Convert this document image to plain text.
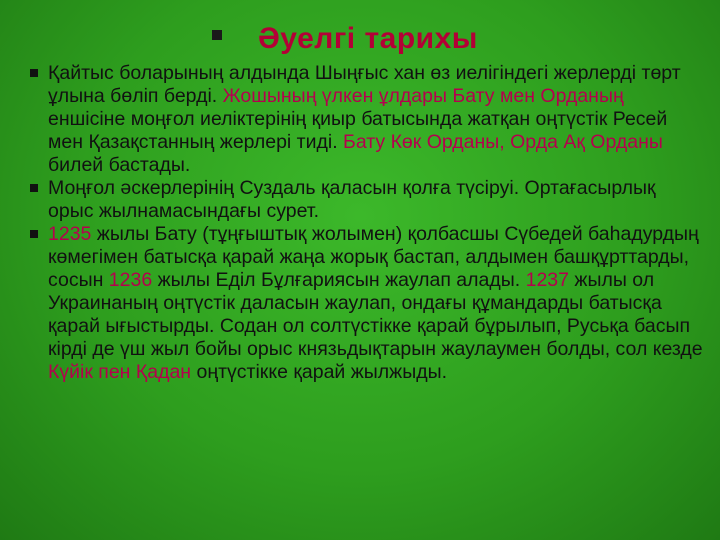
Әуелгі тарихы
Қайтыс боларының алдында Шыңғыс хан өз иелігіндегі жерлерді төрт ұлына бөліп берді. Жошының үлкен ұлдары Бату мен Орданың еншісіне моңғол иеліктерінің қиыр батысында жатқан оңтүстік Ресей мен Қазақстанның жерлері тиді. Бату Көк Орданы, Орда Ақ Орданы билей бастады.
Моңғол әскерлерінің Суздаль қаласын қолға түсіруі. Ортағасырлық орыс жылнамасындағы сурет.
1235 жылы Бату (тұңғыштық жолымен) қолбасшы Сүбедей баһадурдың көмегімен батысқа қарай жаңа жорық бастап, алдымен башқұрттарды, сосын 1236 жылы Еділ Бұлғариясын жаулап алады. 1237 жылы ол Украинаның оңтүстік даласын жаулап, ондағы құмандарды батысқа қарай ығыстырды. Содан ол солтүстікке қарай бұрылып, Русьқа басып кірді де үш жыл бойы орыс князьдықтарын жаулаумен болды, сол кезде Күйік пен Қадан оңтүстікке қарай жылжыды.
